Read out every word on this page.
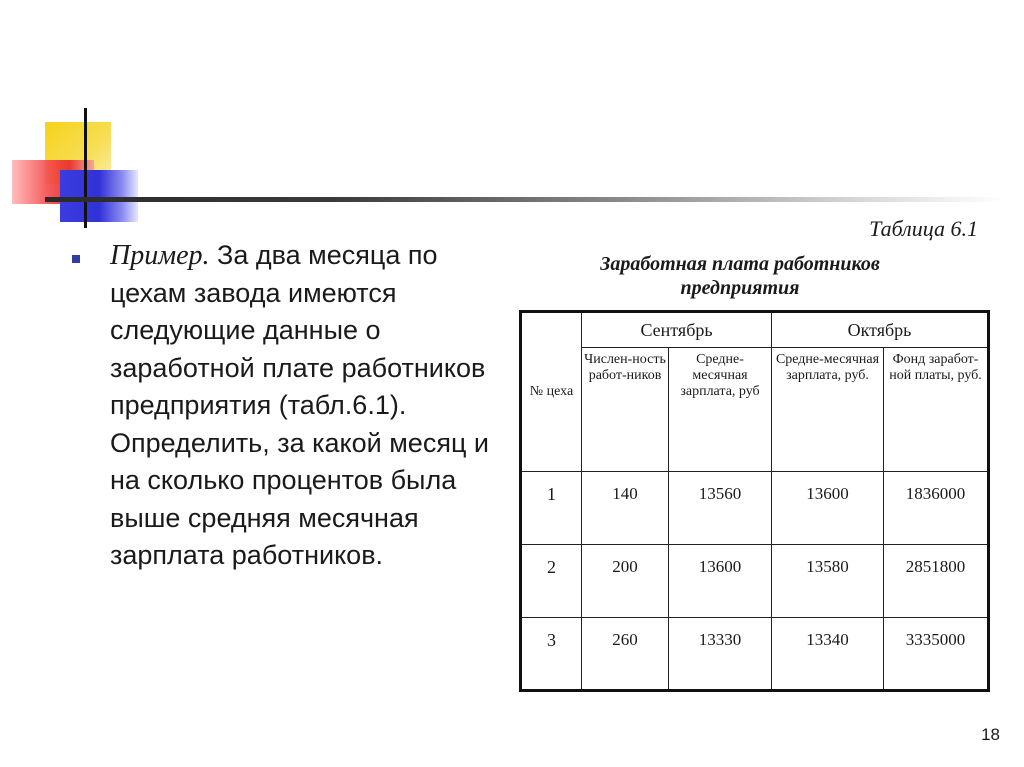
Пример. За два месяца по цехам завода имеются следующие данные о заработной плате работников предприятия (табл.6.1). Определить, за какой месяц и на сколько процентов была выше средняя месячная зарплата работников.
Таблица 6.1
Заработная плата работников предприятия
№ цеха	Сентябрь		Октябрь	
	Числен-ность работ-ников	Средне-месячная зарплата, руб	Средне-месячная зарплата, руб.	Фонд заработ-ной платы, руб.
1	140	13560	13600	1836000
2	200	13600	13580	2851800
3	260	13330	13340	3335000
18
